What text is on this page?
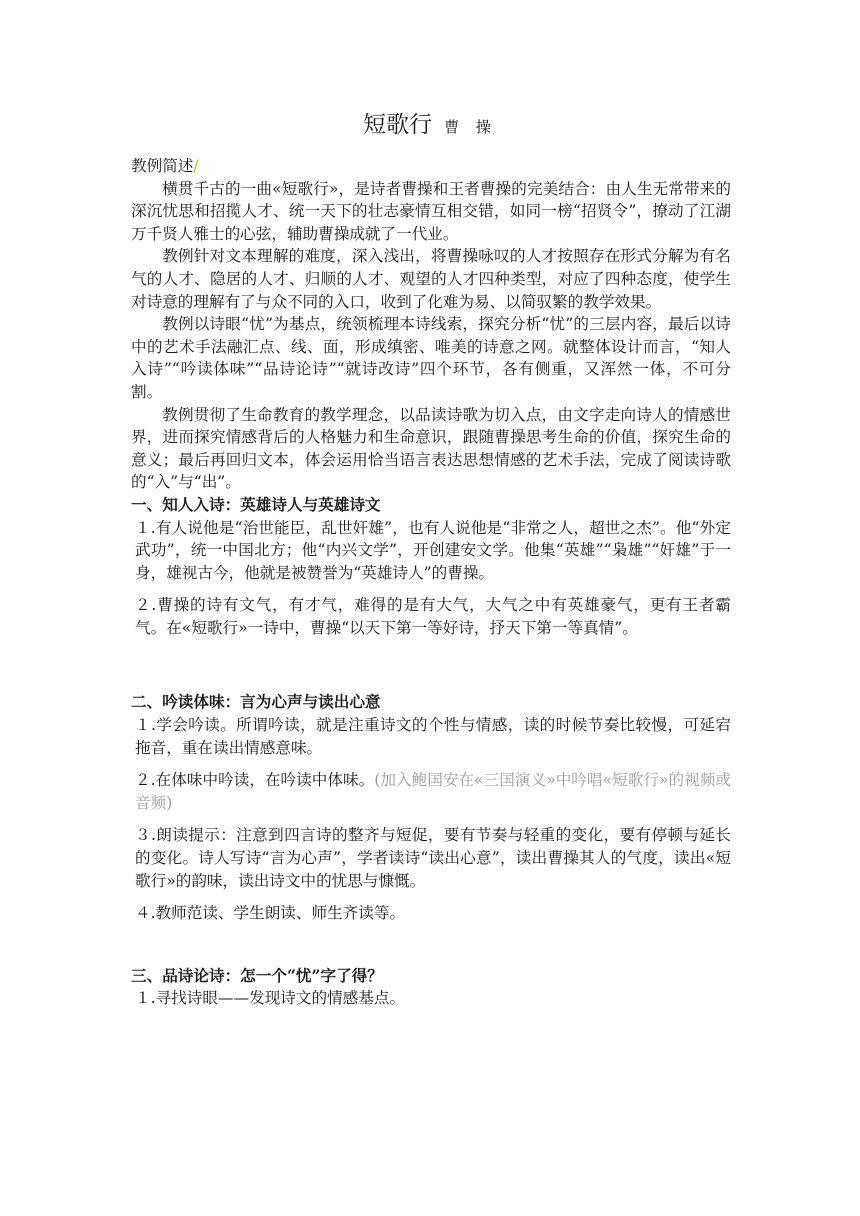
短歌行 曹 操

教例简述/

横贯千古的一曲«短歌行»，是诗者曹操和王者曹操的完美结合：由人生无常带来的深沉忧思和招揽人才、统一天下的壮志豪情互相交错，如同一榜“招贤令”，撩动了江湖万千贤人雅士的心弦，辅助曹操成就了一代业。

教例针对文本理解的难度，深入浅出，将曹操咏叹的人才按照存在形式分解为有名气的人才、隐居的人才、归顺的人才、观望的人才四种类型，对应了四种态度，使学生对诗意的理解有了与众不同的入口，收到了化难为易、以简驭繁的教学效果。

教例以诗眼“忧”为基点，统领梳理本诗线索，探究分析“忧”的三层内容，最后以诗中的艺术手法融汇点、线、面，形成缜密、唯美的诗意之网。就整体设计而言，“知人入诗”“吟读体味”“品诗论诗”“就诗改诗”四个环节，各有侧重，又浑然一体，不可分割。

教例贯彻了生命教育的教学理念，以品读诗歌为切入点，由文字走向诗人的情感世界，进而探究情感背后的人格魅力和生命意识，跟随曹操思考生命的价值，探究生命的意义；最后再回归文本，体会运用恰当语言表达思想情感的艺术手法，完成了阅读诗歌的“入”与“出”。

一、知人入诗：英雄诗人与英雄诗文

１.有人说他是“治世能臣，乱世奸雄”，也有人说他是“非常之人，超世之杰”。他“外定武功”，统一中国北方；他“内兴文学”，开创建安文学。他集“英雄”“枭雄”“奸雄”于一身，雄视古今，他就是被赞誉为“英雄诗人”的曹操。

２.曹操的诗有文气，有才气，难得的是有大气，大气之中有英雄豪气，更有王者霸气。在«短歌行»一诗中，曹操“以天下第一等好诗，抒天下第一等真情”。

二、吟读体味：言为心声与读出心意

１.学会吟读。所谓吟读，就是注重诗文的个性与情感，读的时候节奏比较慢，可延宕拖音，重在读出情感意味。

２.在体味中吟读，在吟读中体味。(加入鲍国安在«三国演义»中吟唱«短歌行»的视频或音频)

３.朗读提示：注意到四言诗的整齐与短促，要有节奏与轻重的变化，要有停顿与延长的变化。诗人写诗“言为心声”，学者读诗“读出心意”，读出曹操其人的气度，读出«短歌行»的韵味，读出诗文中的忧思与慷慨。

４.教师范读、学生朗读、师生齐读等。

三、品诗论诗：怎一个“忧”字了得？

１.寻找诗眼——发现诗文的情感基点。
